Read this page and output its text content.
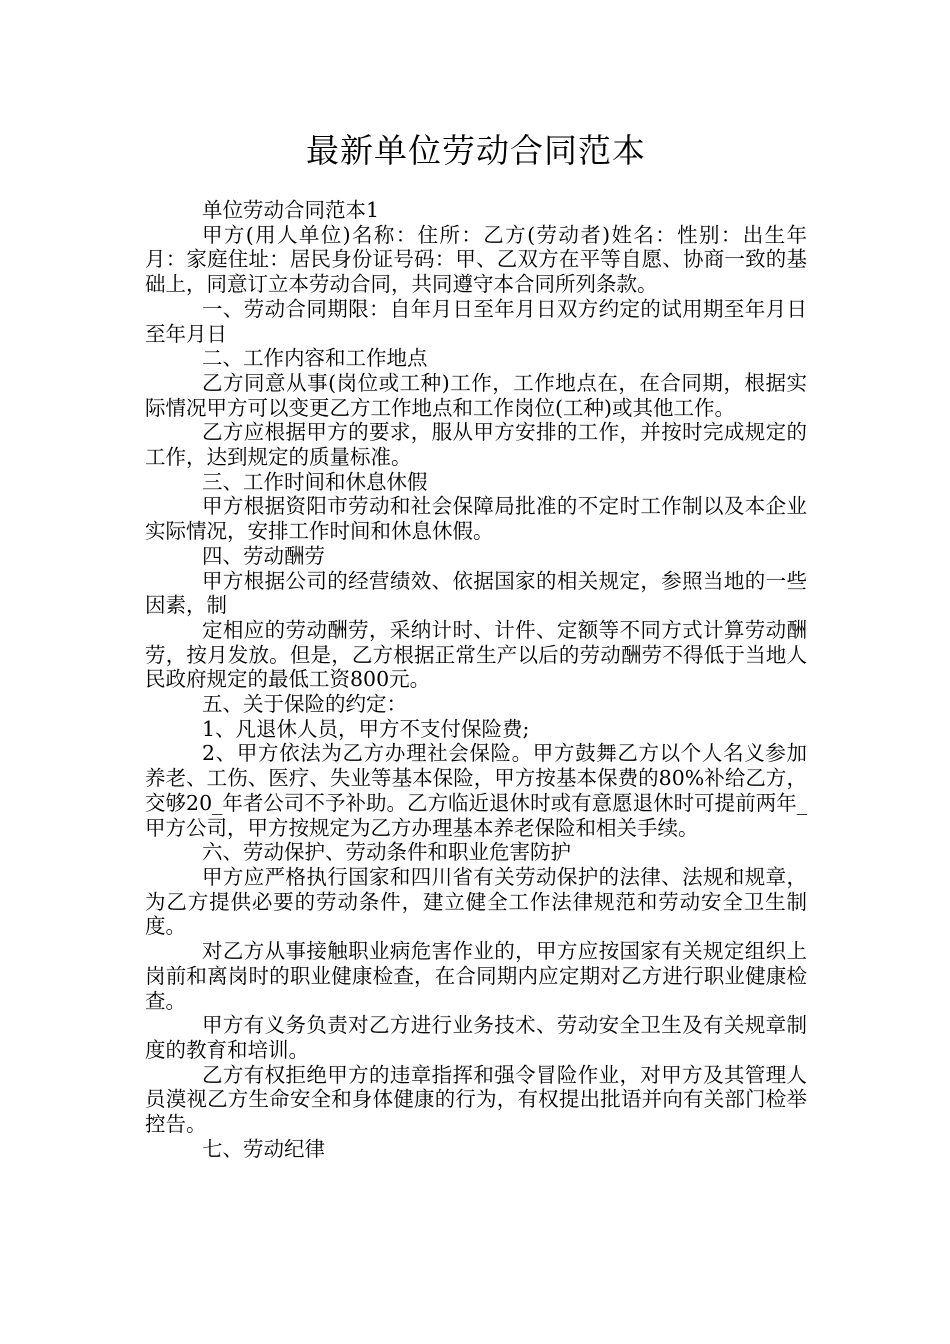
最新单位劳动合同范本

单位劳动合同范本1

甲方(用人单位)名称：住所：乙方(劳动者)姓名：性别：出生年月：家庭住址：居民身份证号码：甲、乙双方在平等自愿、协商一致的基础上，同意订立本劳动合同，共同遵守本合同所列条款。

一、劳动合同期限：自年月日至年月日双方约定的试用期至年月日至年月日

二、工作内容和工作地点

乙方同意从事(岗位或工种)工作，工作地点在，在合同期，根据实际情况甲方可以变更乙方工作地点和工作岗位(工种)或其他工作。

乙方应根据甲方的要求，服从甲方安排的工作，并按时完成规定的工作，达到规定的质量标准。

三、工作时间和休息休假

甲方根据资阳市劳动和社会保障局批准的不定时工作制以及本企业实际情况，安排工作时间和休息休假。

四、劳动酬劳

甲方根据公司的经营绩效、依据国家的相关规定，参照当地的一些因素，制

定相应的劳动酬劳，采纳计时、计件、定额等不同方式计算劳动酬劳，按月发放。但是，乙方根据正常生产以后的劳动酬劳不得低于当地人民政府规定的最低工资800元。

五、关于保险的约定：

1、凡退休人员，甲方不支付保险费;

2、甲方依法为乙方办理社会保险。甲方鼓舞乙方以个人名义参加养老、工伤、医疗、失业等基本保险，甲方按基本保费的80%补给乙方，交够20_年者公司不予补助。乙方临近退休时或有意愿退休时可提前两年_甲方公司，甲方按规定为乙方办理基本养老保险和相关手续。

六、劳动保护、劳动条件和职业危害防护

甲方应严格执行国家和四川省有关劳动保护的法律、法规和规章，为乙方提供必要的劳动条件，建立健全工作法律规范和劳动安全卫生制度。

对乙方从事接触职业病危害作业的，甲方应按国家有关规定组织上岗前和离岗时的职业健康检查，在合同期内应定期对乙方进行职业健康检查。

甲方有义务负责对乙方进行业务技术、劳动安全卫生及有关规章制度的教育和培训。

乙方有权拒绝甲方的违章指挥和强令冒险作业，对甲方及其管理人员漠视乙方生命安全和身体健康的行为，有权提出批语并向有关部门检举控告。

七、劳动纪律
